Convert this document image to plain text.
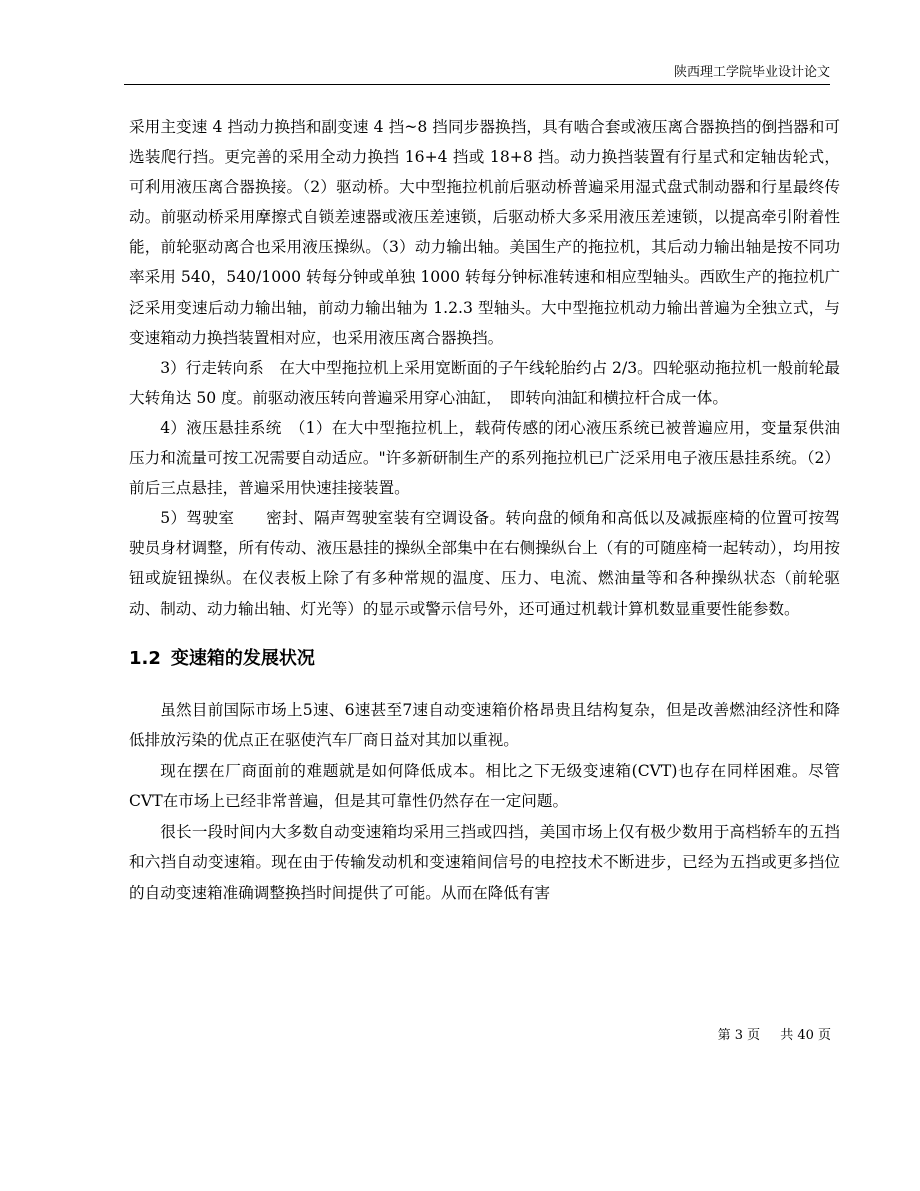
陕西理工学院毕业设计论文

采用主变速 4 挡动力换挡和副变速 4 挡~8 挡同步器换挡，具有啮合套或液压离合器换挡的倒挡器和可选装爬行挡。更完善的采用全动力换挡 16+4 挡或 18+8 挡。动力换挡装置有行星式和定轴齿轮式，可利用液压离合器换接。（2）驱动桥。大中型拖拉机前后驱动桥普遍采用湿式盘式制动器和行星最终传动。前驱动桥采用摩擦式自锁差速器或液压差速锁，后驱动桥大多采用液压差速锁，以提高牵引附着性能，前轮驱动离合也采用液压操纵。（3）动力输出轴。美国生产的拖拉机，其后动力输出轴是按不同功率采用 540，540/1000 转每分钟或单独 1000 转每分钟标准转速和相应型轴头。西欧生产的拖拉机广泛采用变速后动力输出轴，前动力输出轴为 1.2.3 型轴头。大中型拖拉机动力输出普遍为全独立式，与变速箱动力换挡装置相对应，也采用液压离合器换挡。

3）行走转向系　在大中型拖拉机上采用宽断面的子午线轮胎约占 2/3。四轮驱动拖拉机一般前轮最大转角达 50 度。前驱动液压转向普遍采用穿心油缸，　即转向油缸和横拉杆合成一体。

4）液压悬挂系统　（1）在大中型拖拉机上，载荷传感的闭心液压系统已被普遍应用，变量泵供油压力和流量可按工况需要自动适应。"许多新研制生产的系列拖拉机已广泛采用电子液压悬挂系统。（2）前后三点悬挂，普遍采用快速挂接装置。

5）驾驶室　　密封、隔声驾驶室装有空调设备。转向盘的倾角和高低以及减振座椅的位置可按驾驶员身材调整，所有传动、液压悬挂的操纵全部集中在右侧操纵台上（有的可随座椅一起转动），均用按钮或旋钮操纵。在仪表板上除了有多种常规的温度、压力、电流、燃油量等和各种操纵状态（前轮驱动、制动、动力输出轴、灯光等）的显示或警示信号外，还可通过机载计算机数显重要性能参数。

1.2 变速箱的发展状况

虽然目前国际市场上5速、6速甚至7速自动变速箱价格昂贵且结构复杂，但是改善燃油经济性和降低排放污染的优点正在驱使汽车厂商日益对其加以重视。

现在摆在厂商面前的难题就是如何降低成本。相比之下无级变速箱(CVT)也存在同样困难。尽管CVT在市场上已经非常普遍，但是其可靠性仍然存在一定问题。

很长一段时间内大多数自动变速箱均采用三挡或四挡，美国市场上仅有极少数用于高档轿车的五挡和六挡自动变速箱。现在由于传输发动机和变速箱间信号的电控技术不断进步，已经为五挡或更多挡位的自动变速箱准确调整换挡时间提供了可能。从而在降低有害

第 3 页 共 40 页
